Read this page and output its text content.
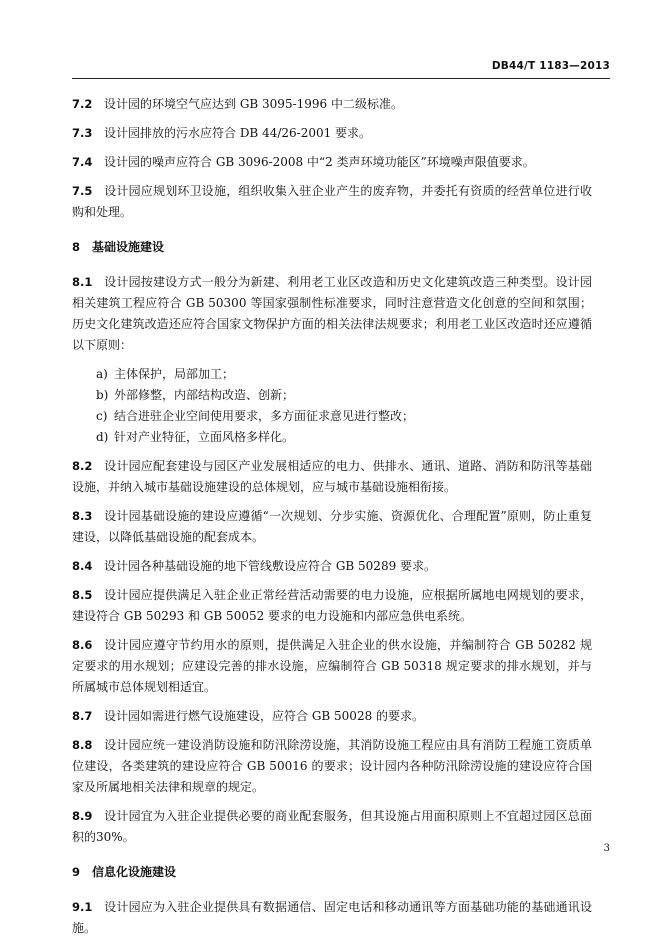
DB44/T 1183—2013

7.2 设计园的环境空气应达到 GB 3095-1996 中二级标准。

7.3 设计园排放的污水应符合 DB 44/26-2001 要求。

7.4 设计园的噪声应符合 GB 3096-2008 中“2 类声环境功能区”环境噪声限值要求。

7.5 设计园应规划环卫设施，组织收集入驻企业产生的废弃物，并委托有资质的经营单位进行收购和处理。

8 基础设施建设

8.1 设计园按建设方式一般分为新建、利用老工业区改造和历史文化建筑改造三种类型。设计园相关建筑工程应符合 GB 50300 等国家强制性标准要求，同时注意营造文化创意的空间和氛围；历史文化建筑改造还应符合国家文物保护方面的相关法律法规要求；利用老工业区改造时还应遵循以下原则：

a) 主体保护，局部加工；
b) 外部修整，内部结构改造、创新；
c) 结合进驻企业空间使用要求，多方面征求意见进行整改；
d) 针对产业特征，立面风格多样化。

8.2 设计园应配套建设与园区产业发展相适应的电力、供排水、通讯、道路、消防和防汛等基础设施，并纳入城市基础设施建设的总体规划，应与城市基础设施相衔接。

8.3 设计园基础设施的建设应遵循“一次规划、分步实施、资源优化、合理配置”原则，防止重复建设，以降低基础设施的配套成本。

8.4 设计园各种基础设施的地下管线敷设应符合 GB 50289 要求。

8.5 设计园应提供满足入驻企业正常经营活动需要的电力设施，应根据所属地电网规划的要求，建设符合 GB 50293 和 GB 50052 要求的电力设施和内部应急供电系统。

8.6 设计园应遵守节约用水的原则，提供满足入驻企业的供水设施，并编制符合 GB 50282 规定要求的用水规划；应建设完善的排水设施，应编制符合 GB 50318 规定要求的排水规划，并与所属城市总体规划相适宜。

8.7 设计园如需进行燃气设施建设，应符合 GB 50028 的要求。

8.8 设计园应统一建设消防设施和防汛除涝设施，其消防设施工程应由具有消防工程施工资质单位建设，各类建筑的建设应符合 GB 50016 的要求；设计园内各种防汛除涝设施的建设应符合国家及所属地相关法律和规章的规定。

8.9 设计园宜为入驻企业提供必要的商业配套服务，但其设施占用面积原则上不宜超过园区总面积的30%。

9 信息化设施建设

9.1 设计园应为入驻企业提供具有数据通信、固定电话和移动通讯等方面基础功能的基础通讯设施。

3
